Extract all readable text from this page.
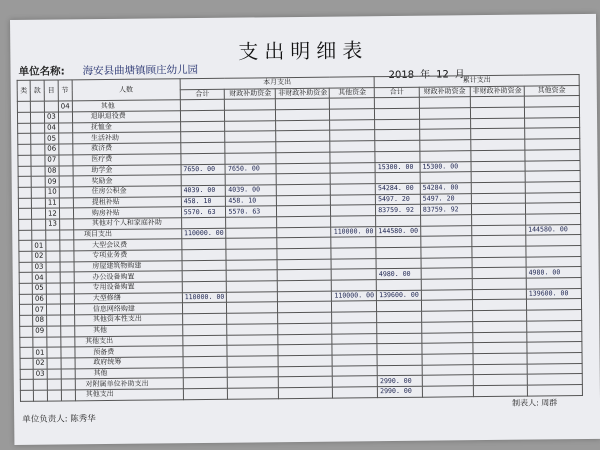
支出明细表
单位名称: 海安县曲塘镇顾庄幼儿园	2018 年 12 月
类	款	目	节	人数	本月支出				累计支出			
					合计	财政补助资金	非财政补助资金	其他资金	合计	财政补助资金	非财政补助资金	其他资金
			04	其他								
		03		退职退役费								
		04		抚恤金								
		05		生活补助								
		06		救济费								
		07		医疗费								
		08		助学金	7650. 00	7650. 00			15300. 00	15300. 00		
		09		奖励金								
		10		住房公积金	4039. 00	4039. 00			54284. 00	54284. 00		
		11		提租补贴	458. 10	458. 10			5497. 20	5497. 20		
		12		购房补贴	5570. 63	5570. 63			83759. 92	83759. 92		
		13		其他对个人和家庭补助								
				项目支出	110000. 00			110000. 00	144580. 00			144580. 00
	01			大型会议费								
	02			专项业务费								
	03			房屋建筑物购建								
	04			办公设备购置					4980. 00			4980. 00
	05			专用设备购置								
	06			大型修缮	110000. 00			110000. 00	139600. 00			139600. 00
	07			信息网络购建								
	08			其他资本性支出								
	09			其他								
				其他支出								
	01			预备费								
	02			政府统筹								
	03			其他								
				对附属单位补助支出					2990. 00			
				其他支出					2990. 00			
制表人: 周群
单位负责人: 陈秀华
